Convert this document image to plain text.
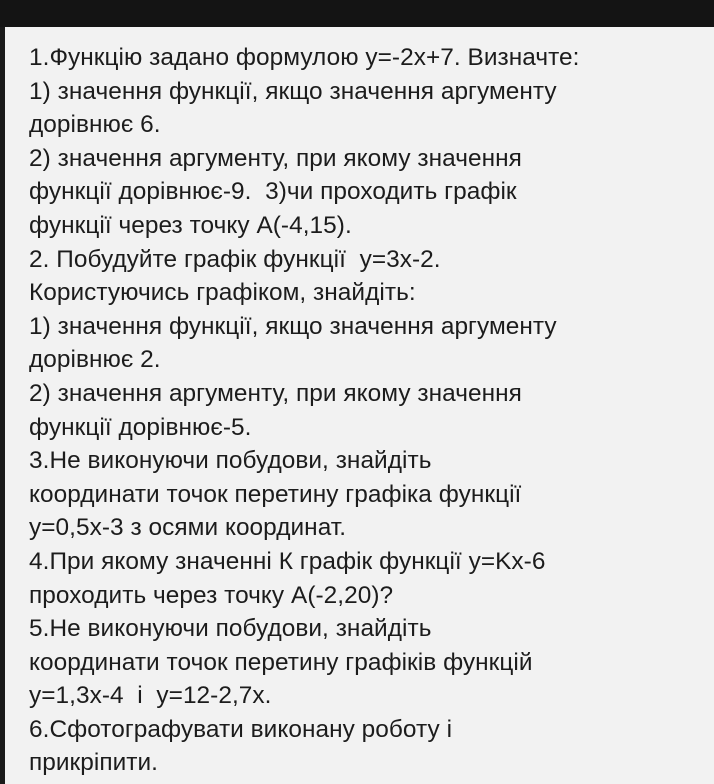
1.Функцію задано формулою y=-2x+7. Визначте:
1) значення функції, якщо значення аргументу
дорівнює 6.
2) значення аргументу, при якому значення
функції дорівнює-9.  3)чи проходить графік
функції через точку А(-4,15).
2. Побудуйте графік функції  y=3x-2.
Користуючись графіком, знайдіть:
1) значення функції, якщо значення аргументу
дорівнює 2.
2) значення аргументу, при якому значення
функції дорівнює-5.
3.Не виконуючи побудови, знайдіть
координати точок перетину графіка функції
y=0,5x-3 з осями координат.
4.При якому значенні К графік функції y=Kx-6
проходить через точку А(-2,20)?
5.Не виконуючи побудови, знайдіть
координати точок перетину графіків функцій
y=1,3x-4  і  y=12-2,7x.
6.Сфотографувати виконану роботу і
прикріпити.
